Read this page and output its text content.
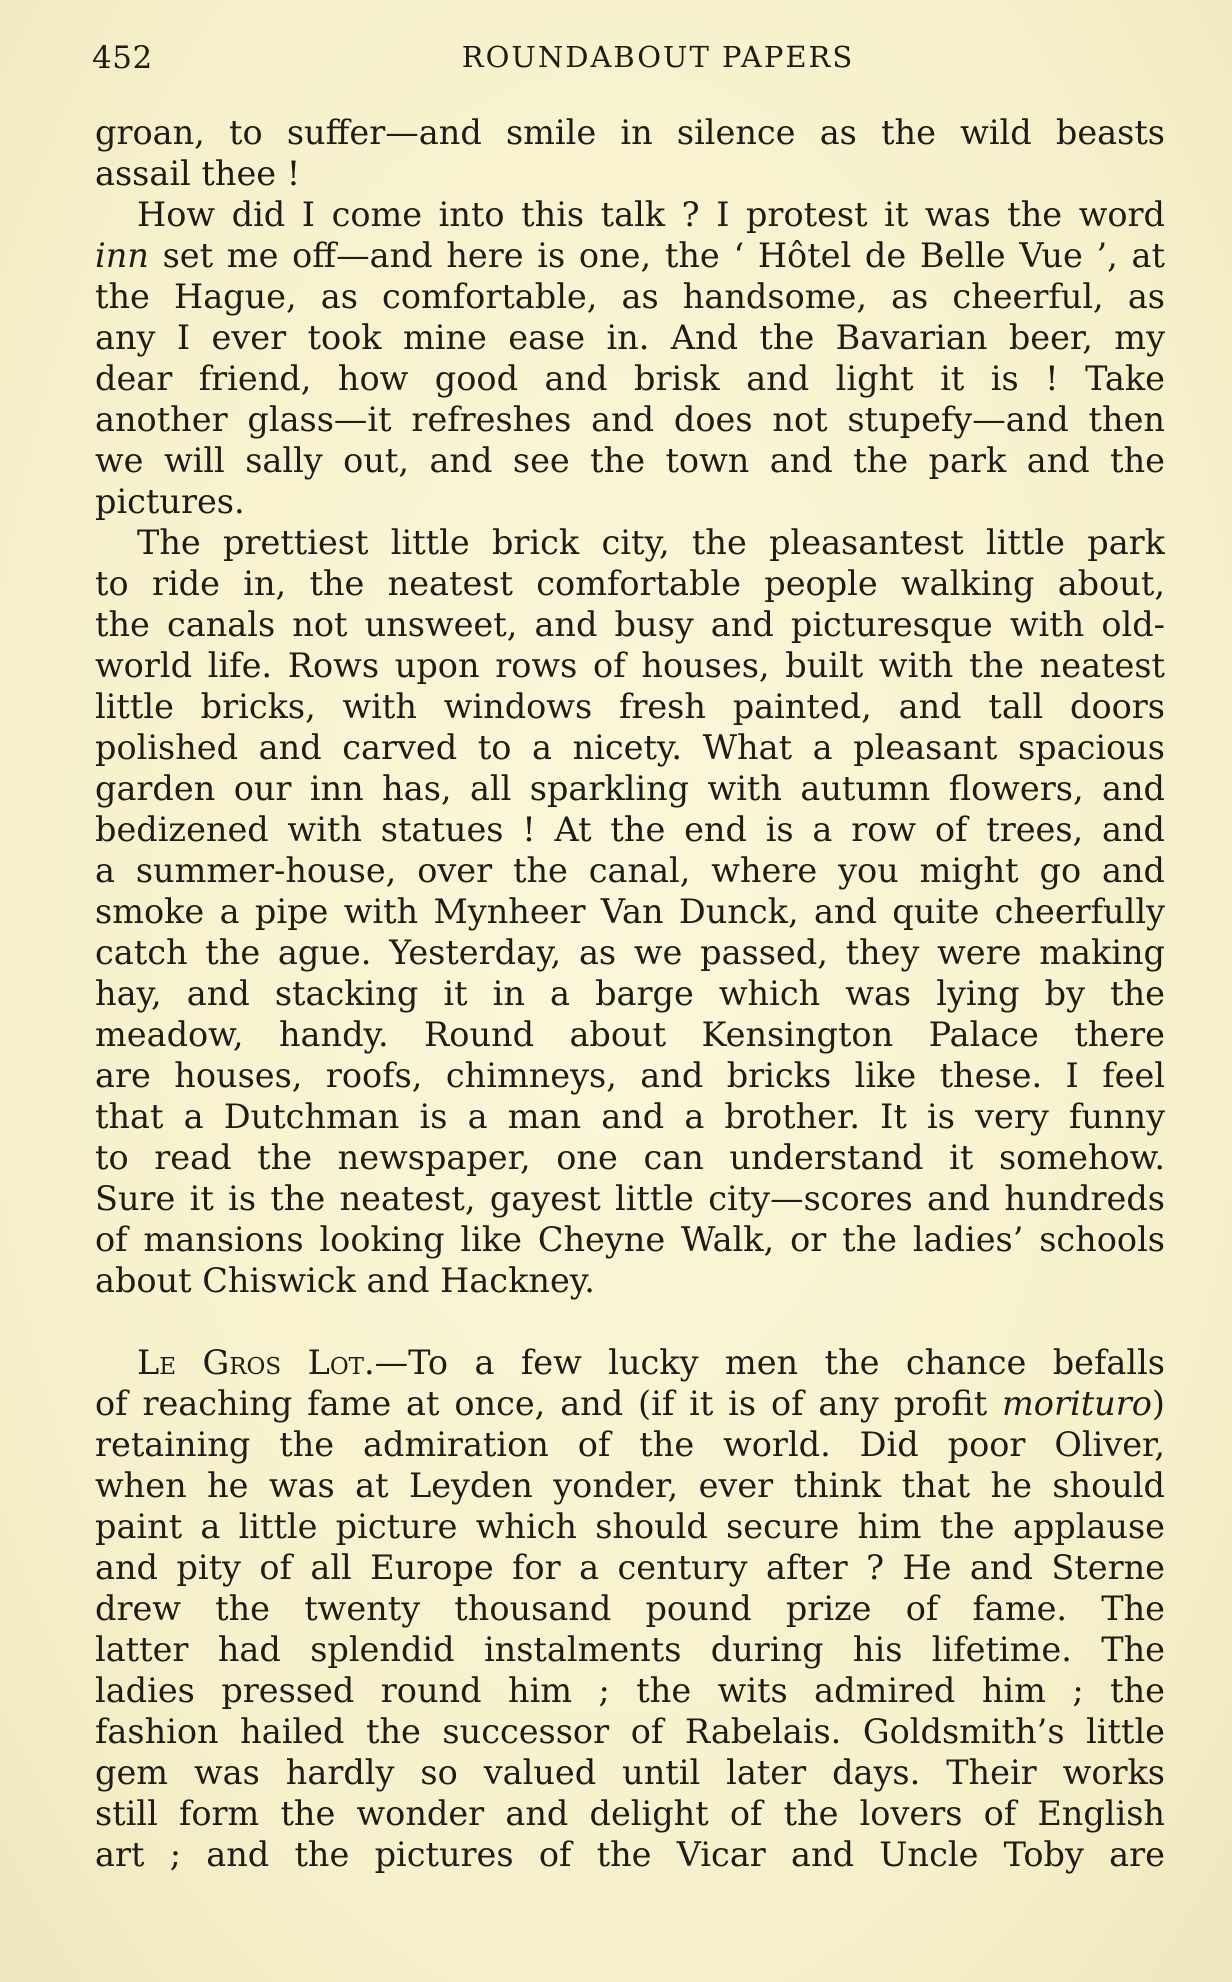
452	ROUNDABOUT PAPERS
groan, to suffer—and smile in silence as the wild beasts
assail thee !
How did I come into this talk ? I protest it was the word
inn set me off—and here is one, the ‘ Hôtel de Belle Vue ’, at
the Hague, as comfortable, as handsome, as cheerful, as
any I ever took mine ease in. And the Bavarian beer, my
dear friend, how good and brisk and light it is ! Take
another glass—it refreshes and does not stupefy—and then
we will sally out, and see the town and the park and the
pictures.
The prettiest little brick city, the pleasantest little park
to ride in, the neatest comfortable people walking about,
the canals not unsweet, and busy and picturesque with old-
world life. Rows upon rows of houses, built with the neatest
little bricks, with windows fresh painted, and tall doors
polished and carved to a nicety. What a pleasant spacious
garden our inn has, all sparkling with autumn flowers, and
bedizened with statues ! At the end is a row of trees, and
a summer-house, over the canal, where you might go and
smoke a pipe with Mynheer Van Dunck, and quite cheerfully
catch the ague. Yesterday, as we passed, they were making
hay, and stacking it in a barge which was lying by the
meadow, handy. Round about Kensington Palace there
are houses, roofs, chimneys, and bricks like these. I feel
that a Dutchman is a man and a brother. It is very funny
to read the newspaper, one can understand it somehow.
Sure it is the neatest, gayest little city—scores and hundreds
of mansions looking like Cheyne Walk, or the ladies’ schools
about Chiswick and Hackney.
Le Gros Lot.—To a few lucky men the chance befalls
of reaching fame at once, and (if it is of any profit morituro)
retaining the admiration of the world. Did poor Oliver,
when he was at Leyden yonder, ever think that he should
paint a little picture which should secure him the applause
and pity of all Europe for a century after ? He and Sterne
drew the twenty thousand pound prize of fame. The
latter had splendid instalments during his lifetime. The
ladies pressed round him ; the wits admired him ; the
fashion hailed the successor of Rabelais. Goldsmith’s little
gem was hardly so valued until later days. Their works
still form the wonder and delight of the lovers of English
art ; and the pictures of the Vicar and Uncle Toby are
